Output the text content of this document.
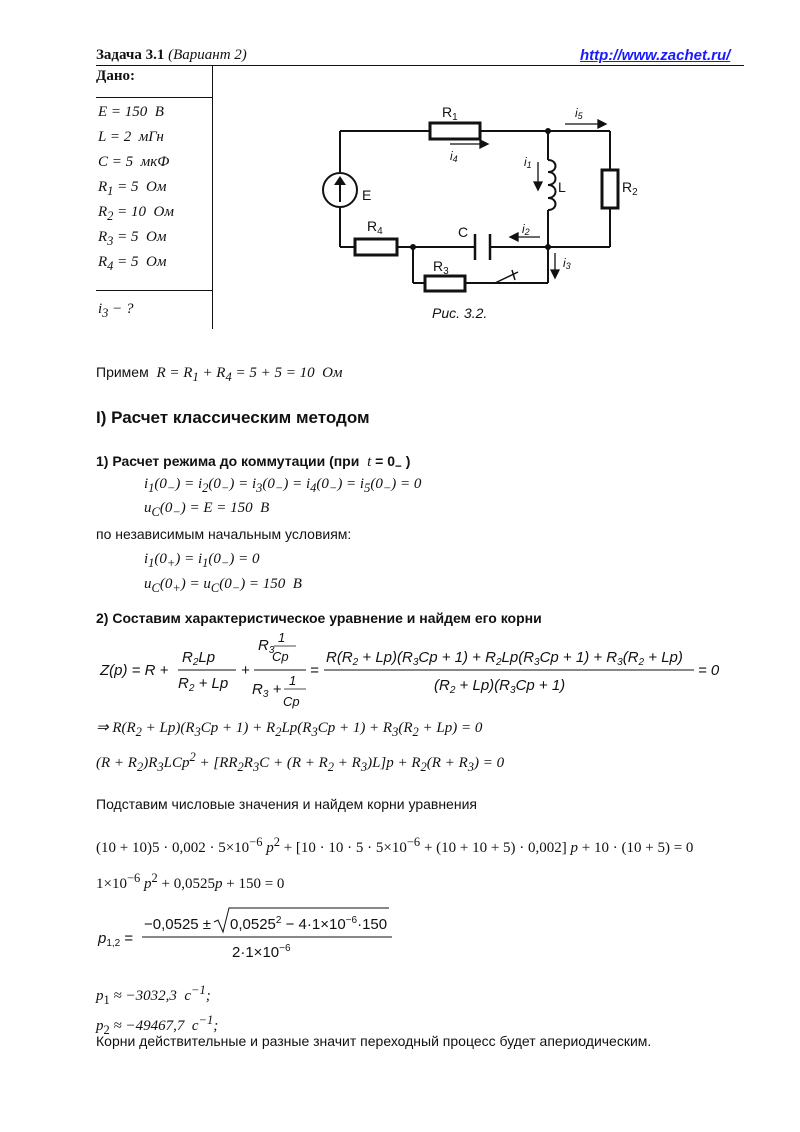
Задача 3.1 (Вариант 2)	http://www.zachet.ru/
Дано:
E = 150  В
L = 2  мГн
C = 5  мкФ
$R_1 = 5$  Ом
$R_2 = 10$  Ом
$R_3 = 5$  Ом
$R_4 = 5$  Ом
$i_3$ − ?
$R_1$
$R_2$
$R_4$
$R_3$
E	L
C
i5
i4	i1
i2
i3
Рис. 3.2.
Примем  $R = R_1 + R_4 = 5 + 5 = 10$  Ом
I) Расчет классическим методом
1) Расчет режима до коммутации (при  $t = 0_-$ )
$i_1(0_-) = i_2(0_-) = i_3(0_-) = i_4(0_-) = i_5(0_-) = 0$
$u_C(0_-) = E = 150$  В
по независимым начальным условиям:
$i_1(0_+) = i_1(0_-) = 0$
$u_C(0_+) = u_C(0_-) = 150$  В
2) Составим характеристическое уравнение и найдем его корни
Z(p) = R +
$R_2Lp$
$R_2 + Lp$
+
$R_3$
1
Cp
$R_3$ +
1
Cp
=
$R(R_2 + Lp)(R_3Cp + 1) + R_2Lp(R_3Cp + 1) + R_3(R_2 + Lp)$
$(R_2 + Lp)(R_3Cp + 1)$
= 0
⇒ $R(R_2 + Lp)(R_3Cp + 1) + R_2Lp(R_3Cp + 1) + R_3(R_2 + Lp) = 0$
$(R + R_2)R_3LCp^2 + [RR_2R_3C + (R + R_2 + R_3)L]p + R_2(R + R_3) = 0$
Подставим числовые значения и найдем корни уравнения
$(10 + 10)5 \cdot 0,002 \cdot 5\times 10^{-6}$ $p^2 + [10 \cdot 10 \cdot 5 \cdot 5\times 10^{-6} + (10 + 10 + 5) \cdot 0,002] p + 10 \cdot (10 + 5) = 0$
$1\times 10^{-6}$ $p^2 + 0,0525p + 150 = 0$
$p_{1,2}$ =
$-0,0525 \pm 0,0525^2 - 4\cdot 1\times 10^{-6}\cdot 150$
$2\cdot 1\times 10^{-6}$
$p_1 \approx -3032,3$  $с^{-1}$;
$p_2 \approx -49467,7$  $с^{-1}$;
Корни действительные и разные значит переходный процесс будет апериодическим.
